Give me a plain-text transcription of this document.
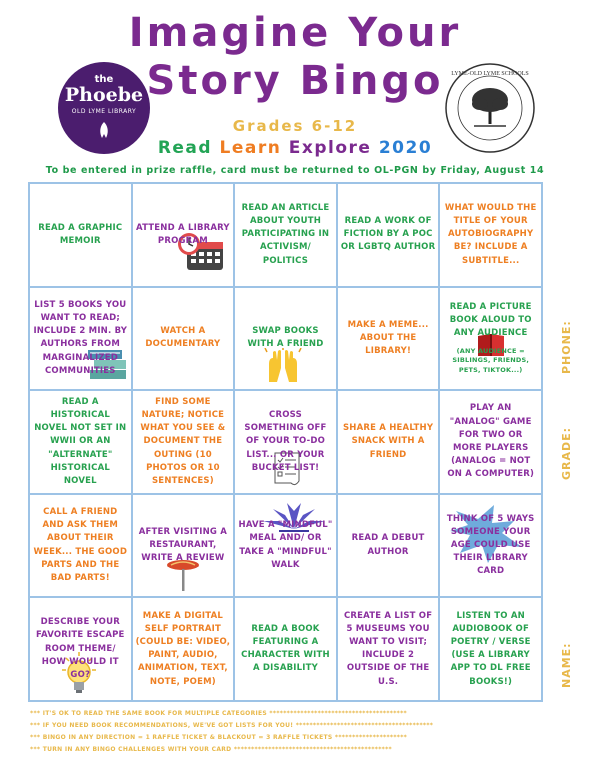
Imagine Your
Story Bingo
the
Phoebe
OLD LYME LIBRARY
LYME-OLD LYME SCHOOLS
Grades 6-12
Read Learn Explore 2020
To be entered in prize raffle, card must be returned to OL-PGN by Friday, August 14
READ A GRAPHIC MEMOIR
ATTEND A LIBRARY PROGRAM
READ AN ARTICLE ABOUT YOUTH PARTICIPATING IN ACTIVISM/ POLITICS
READ A WORK OF FICTION BY A POC OR LGBTQ AUTHOR
WHAT WOULD THE TITLE OF YOUR AUTOBIOGRAPHY BE? INCLUDE A SUBTITLE...
LIST 5 BOOKS YOU WANT TO READ; INCLUDE 2 MIN. BY AUTHORS FROM MARGINALIZED COMMUNITIES
WATCH A DOCUMENTARY
SWAP BOOKS WITH A FRIEND
MAKE A MEME... ABOUT THE LIBRARY!
READ A PICTURE BOOK ALOUD TO ANY AUDIENCE
(ANY AUDIENCE = SIBLINGS, FRIENDS, PETS, TIKTOK...)
READ A HISTORICAL NOVEL NOT SET IN WWII OR AN "ALTERNATE" HISTORICAL NOVEL
FIND SOME NATURE; NOTICE WHAT YOU SEE & DOCUMENT THE OUTING (10 PHOTOS OR 10 SENTENCES)
CROSS SOMETHING OFF OF YOUR TO-DO LIST... OR YOUR BUCKET LIST!
SHARE A HEALTHY SNACK WITH A FRIEND
PLAY AN "ANALOG" GAME FOR TWO OR MORE PLAYERS (ANALOG = NOT ON A COMPUTER)
CALL A FRIEND AND ASK THEM ABOUT THEIR WEEK... THE GOOD PARTS AND THE BAD PARTS!
AFTER VISITING A RESTAURANT, WRITE A REVIEW
HAVE A "MINDFUL" MEAL AND/ OR TAKE A "MINDFUL" WALK
READ A DEBUT AUTHOR
THINK OF 5 WAYS SOMEONE YOUR AGE COULD USE THEIR LIBRARY CARD
DESCRIBE YOUR FAVORITE ESCAPE ROOM THEME/ HOW WOULD IT GO?
MAKE A DIGITAL SELF PORTRAIT (COULD BE: VIDEO, PAINT, AUDIO, ANIMATION, TEXT, NOTE, POEM)
READ A BOOK FEATURING A CHARACTER WITH A DISABILITY
CREATE A LIST OF 5 MUSEUMS YOU WANT TO VISIT; INCLUDE 2 OUTSIDE OF THE U.S.
LISTEN TO AN AUDIOBOOK OF POETRY / VERSE (USE A LIBRARY APP TO DL FREE BOOKS!)
PHONE:
GRADE:
NAME:
*** IT'S OK TO READ THE SAME BOOK FOR MULTIPLE CATEGORIES ****************************************
*** IF YOU NEED BOOK RECOMMENDATIONS, WE'VE GOT LISTS FOR YOU! ****************************************
*** BINGO IN ANY DIRECTION = 1 RAFFLE TICKET & BLACKOUT = 3 RAFFLE TICKETS *********************
*** TURN IN ANY BINGO CHALLENGES WITH YOUR CARD **********************************************
